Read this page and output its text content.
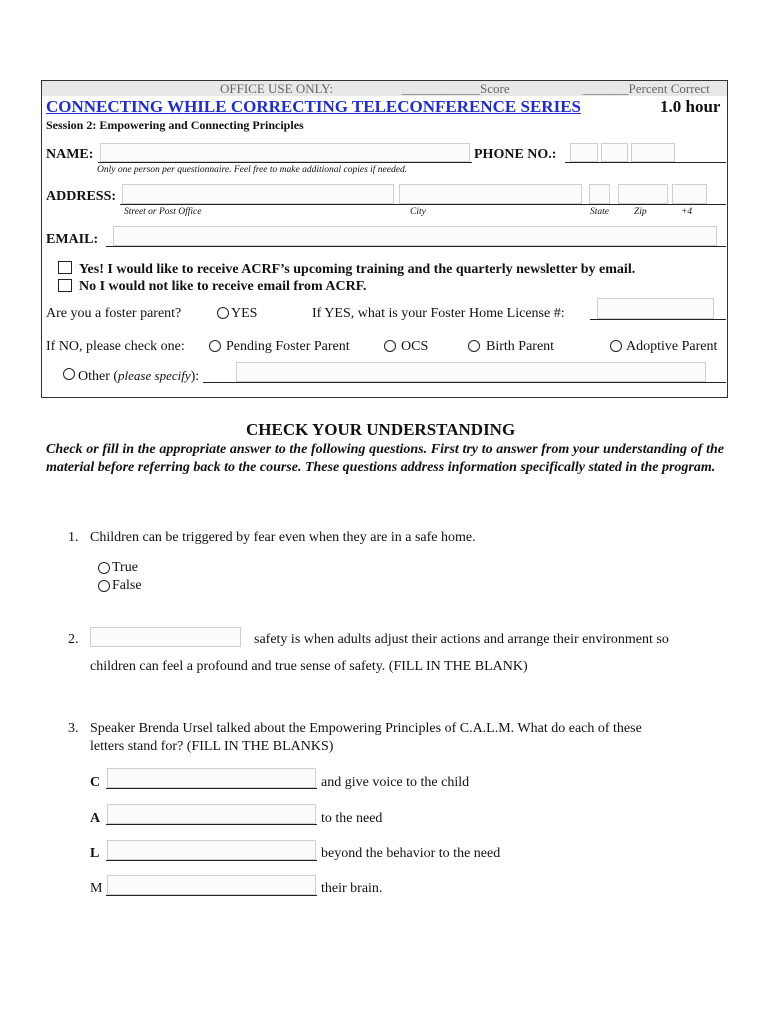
OFFICE USE ONLY:	____________Score	_______Percent Correct
CONNECTING WHILE CORRECTING TELECONFERENCE SERIES	1.0 hour
Session 2: Empowering and Connecting Principles
NAME:	PHONE NO.:
Only one person per questionnaire. Feel free to make additional copies if needed.
ADDRESS:
Street or Post Office	City	State	Zip	+4
EMAIL:
Yes! I would like to receive ACRF’s upcoming training and the quarterly newsletter by email.
No I would not like to receive email from ACRF.
Are you a foster parent?	YES	If YES, what is your Foster Home License #:
If NO, please check one:	Pending Foster Parent	OCS	Birth Parent	Adoptive Parent
Other (please specify):
CHECK YOUR UNDERSTANDING
Check or fill in the appropriate answer to the following questions. First try to answer from your understanding of the material before referring back to the course. These questions address information specifically stated in the program.
1. Children can be triggered by fear even when they are in a safe home.
True
False
2.	safety is when adults adjust their actions and arrange their environment so
children can feel a profound and true sense of safety. (FILL IN THE BLANK)
3. Speaker Brenda Ursel talked about the Empowering Principles of C.A.L.M. What do each of these
letters stand for? (FILL IN THE BLANKS)
C	and give voice to the child
A	to the need
L	beyond the behavior to the need
M	their brain.
